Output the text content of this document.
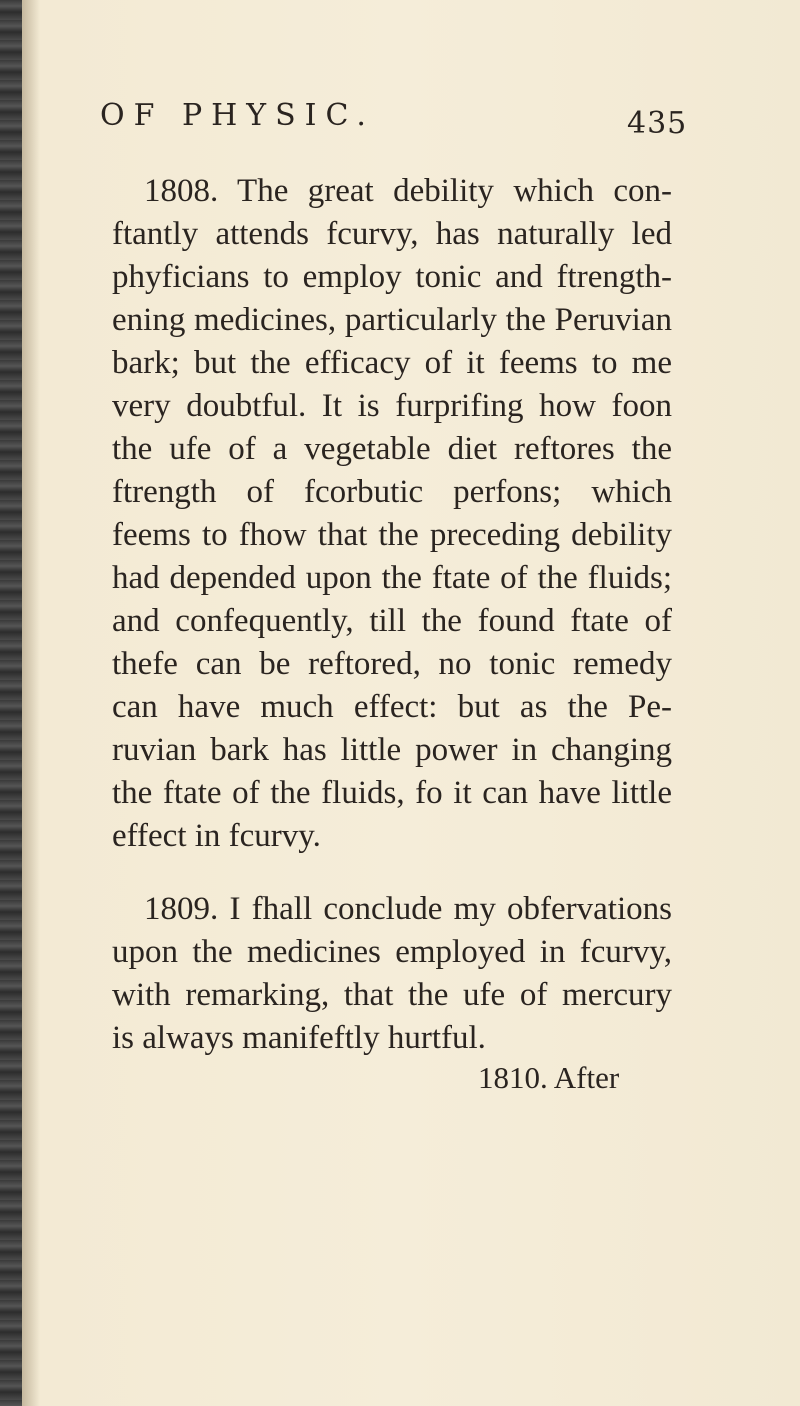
OF PHYSIC.	435
1808. The great debility which con-
ftantly attends fcurvy, has naturally led
phyficians to employ tonic and ftrength-
ening medicines, particularly the Peruvian
bark; but the efficacy of it feems to me
very doubtful. It is furprifing how foon
the ufe of a vegetable diet reftores the
ftrength of fcorbutic perfons; which
feems to fhow that the preceding debility
had depended upon the ftate of the fluids;
and confequently, till the found ftate of
thefe can be reftored, no tonic remedy
can have much effect: but as the Pe-
ruvian bark has little power in changing
the ftate of the fluids, fo it can have little
effect in fcurvy.
1809. I fhall conclude my obfervations
upon the medicines employed in fcurvy,
with remarking, that the ufe of mercury
is always manifeftly hurtful.
1810. After
